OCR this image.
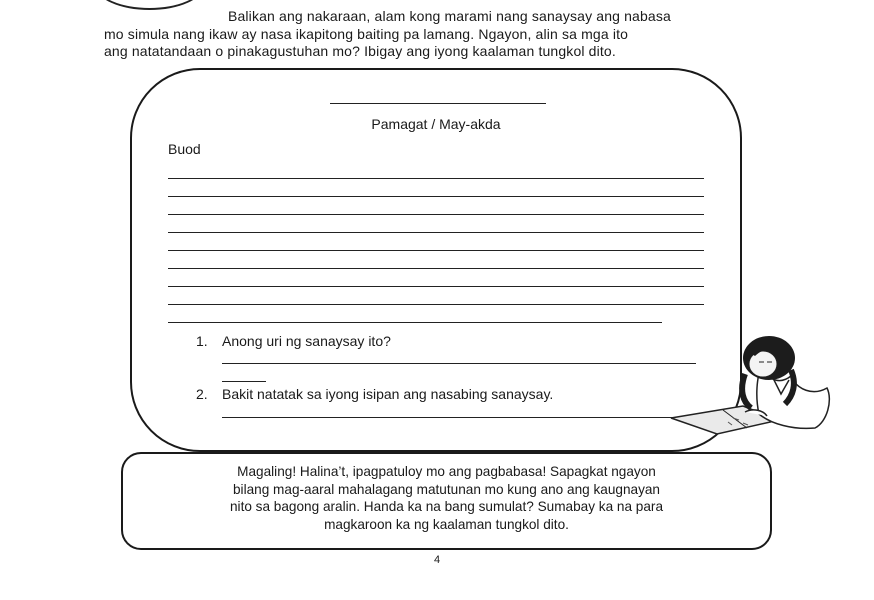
Balikan ang nakaraan, alam kong marami nang sanaysay ang nabasa
mo simula nang ikaw ay nasa ikapitong baiting pa lamang. Ngayon, alin sa mga ito
ang natatandaan o pinakagustuhan mo? Ibigay ang iyong kaalaman tungkol dito.
Pamagat / May-akda
Buod
1. Anong uri ng sanaysay ito?
2. Bakit natatak sa iyong isipan ang nasabing sanaysay.
Magaling! Halina’t, ipagpatuloy mo ang pagbabasa! Sapagkat ngayon
bilang mag-aaral mahalagang matutunan mo kung ano ang kaugnayan
nito sa bagong aralin. Handa ka na bang sumulat? Sumabay ka na para
magkaroon ka ng kaalaman tungkol dito.
4
